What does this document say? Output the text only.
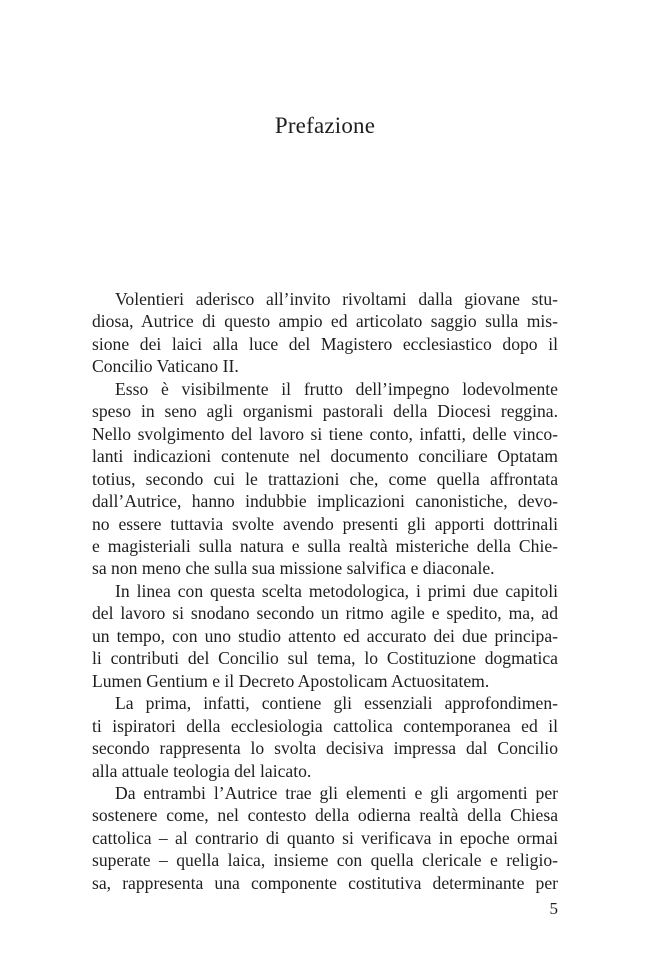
Prefazione
Volentieri aderisco all’invito rivoltami dalla giovane stu-
diosa, Autrice di questo ampio ed articolato saggio sulla mis-
sione dei laici alla luce del Magistero ecclesiastico dopo il
Concilio Vaticano II.
Esso è visibilmente il frutto dell’impegno lodevolmente
speso in seno agli organismi pastorali della Diocesi reggina.
Nello svolgimento del lavoro si tiene conto, infatti, delle vinco-
lanti indicazioni contenute nel documento conciliare Optatam
totius, secondo cui le trattazioni che, come quella affrontata
dall’Autrice, hanno indubbie implicazioni canonistiche, devo-
no essere tuttavia svolte avendo presenti gli apporti dottrinali
e magisteriali sulla natura e sulla realtà misteriche della Chie-
sa non meno che sulla sua missione salvifica e diaconale.
In linea con questa scelta metodologica, i primi due capitoli
del lavoro si snodano secondo un ritmo agile e spedito, ma, ad
un tempo, con uno studio attento ed accurato dei due principa-
li contributi del Concilio sul tema, lo Costituzione dogmatica
Lumen Gentium e il Decreto Apostolicam Actuositatem.
La prima, infatti, contiene gli essenziali approfondimen-
ti ispiratori della ecclesiologia cattolica contemporanea ed il
secondo rappresenta lo svolta decisiva impressa dal Concilio
alla attuale teologia del laicato.
Da entrambi l’Autrice trae gli elementi e gli argomenti per
sostenere come, nel contesto della odierna realtà della Chiesa
cattolica – al contrario di quanto si verificava in epoche ormai
superate – quella laica, insieme con quella clericale e religio-
sa, rappresenta una componente costitutiva determinante per
5
